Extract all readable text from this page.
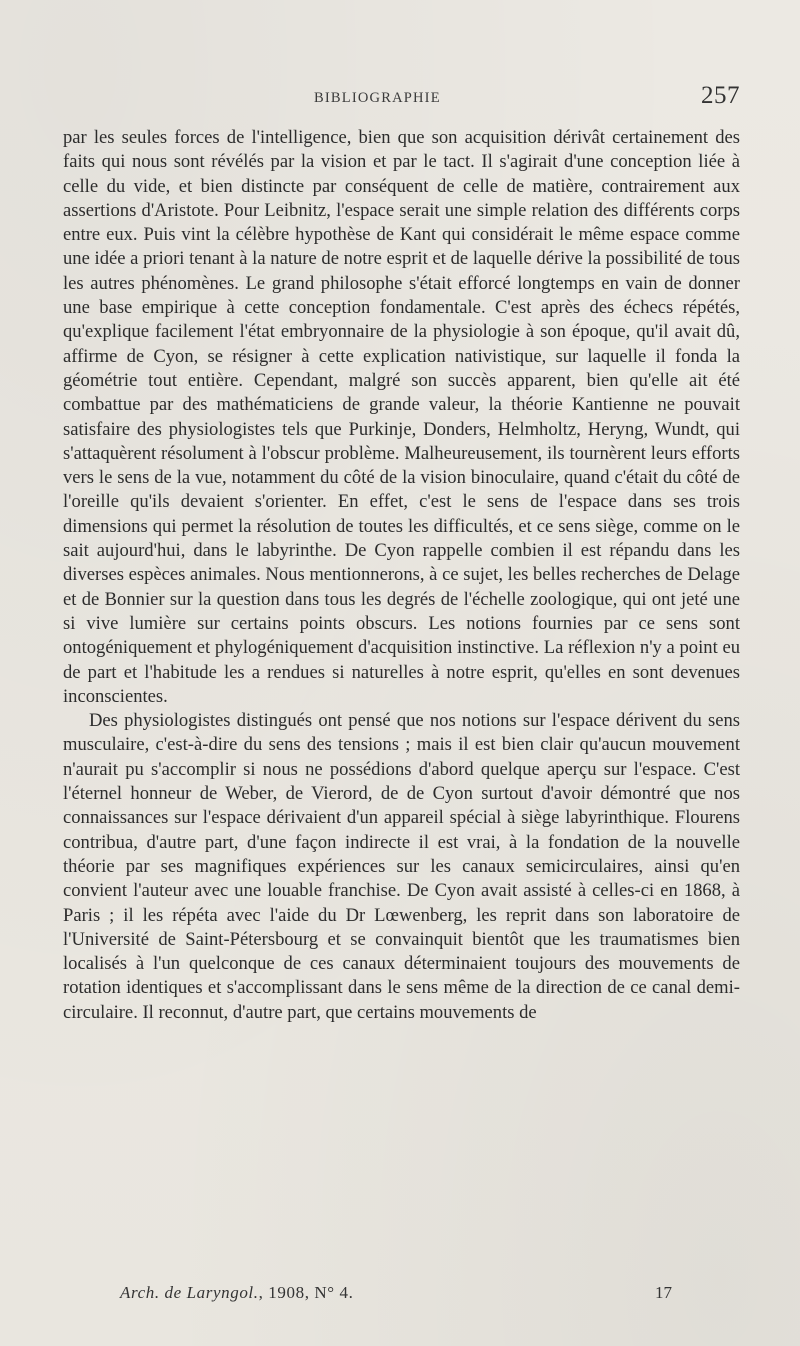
BIBLIOGRAPHIE	257

par les seules forces de l'intelligence, bien que son acquisition dérivât certainement des faits qui nous sont révélés par la vision et par le tact. Il s'agirait d'une conception liée à celle du vide, et bien distincte par conséquent de celle de matière, contrairement aux assertions d'Aristote. Pour Leibnitz, l'espace serait une simple relation des différents corps entre eux. Puis vint la célèbre hypothèse de Kant qui considérait le même espace comme une idée a priori tenant à la nature de notre esprit et de laquelle dérive la possibilité de tous les autres phénomènes. Le grand philosophe s'était efforcé longtemps en vain de donner une base empirique à cette conception fondamentale. C'est après des échecs répétés, qu'explique facilement l'état embryonnaire de la physiologie à son époque, qu'il avait dû, affirme de Cyon, se résigner à cette explication nativistique, sur laquelle il fonda la géométrie tout entière. Cependant, malgré son succès apparent, bien qu'elle ait été combattue par des mathématiciens de grande valeur, la théorie Kantienne ne pouvait satisfaire des physiologistes tels que Purkinje, Donders, Helmholtz, Heryng, Wundt, qui s'attaquèrent résolument à l'obscur problème. Malheureusement, ils tournèrent leurs efforts vers le sens de la vue, notamment du côté de la vision binoculaire, quand c'était du côté de l'oreille qu'ils devaient s'orienter. En effet, c'est le sens de l'espace dans ses trois dimensions qui permet la résolution de toutes les difficultés, et ce sens siège, comme on le sait aujourd'hui, dans le labyrinthe. De Cyon rappelle combien il est répandu dans les diverses espèces animales. Nous mentionnerons, à ce sujet, les belles recherches de Delage et de Bonnier sur la question dans tous les degrés de l'échelle zoologique, qui ont jeté une si vive lumière sur certains points obscurs. Les notions fournies par ce sens sont ontogéniquement et phylogéniquement d'acquisition instinctive. La réflexion n'y a point eu de part et l'habitude les a rendues si naturelles à notre esprit, qu'elles en sont devenues inconscientes.

Des physiologistes distingués ont pensé que nos notions sur l'espace dérivent du sens musculaire, c'est-à-dire du sens des tensions ; mais il est bien clair qu'aucun mouvement n'aurait pu s'accomplir si nous ne possédions d'abord quelque aperçu sur l'espace. C'est l'éternel honneur de Weber, de Vierord, de de Cyon surtout d'avoir démontré que nos connaissances sur l'espace dérivaient d'un appareil spécial à siège labyrinthique. Flourens contribua, d'autre part, d'une façon indirecte il est vrai, à la fondation de la nouvelle théorie par ses magnifiques expériences sur les canaux semicirculaires, ainsi qu'en convient l'auteur avec une louable franchise. De Cyon avait assisté à celles-ci en 1868, à Paris ; il les répéta avec l'aide du Dr Lœwenberg, les reprit dans son laboratoire de l'Université de Saint-Pétersbourg et se convainquit bientôt que les traumatismes bien localisés à l'un quelconque de ces canaux déterminaient toujours des mouvements de rotation identiques et s'accomplissant dans le sens même de la direction de ce canal demi-circulaire. Il reconnut, d'autre part, que certains mouvements de

Arch. de Laryngol., 1908, N° 4.	17
